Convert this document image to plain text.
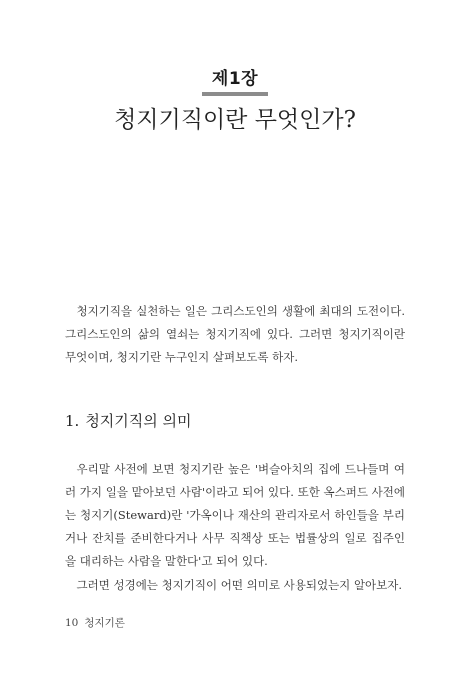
제1장
청지기직이란 무엇인가?

청지기직을 실천하는 일은 그리스도인의 생활에 최대의 도전이다. 그리스도인의 삶의 열쇠는 청지기직에 있다. 그러면 청지기직이란 무엇이며, 청지기란 누구인지 살펴보도록 하자.

1. 청지기직의 의미

우리말 사전에 보면 청지기란 높은 '벼슬아치의 집에 드나들며 여러 가지 일을 맡아보던 사람'이라고 되어 있다. 또한 옥스퍼드 사전에는 청지기(Steward)란 '가옥이나 재산의 관리자로서 하인들을 부리거나 잔치를 준비한다거나 사무 직책상 또는 법률상의 일로 집주인을 대리하는 사람을 말한다'고 되어 있다.

그러면 성경에는 청지기직이 어떤 의미로 사용되었는지 알아보자.

10 청지기론
